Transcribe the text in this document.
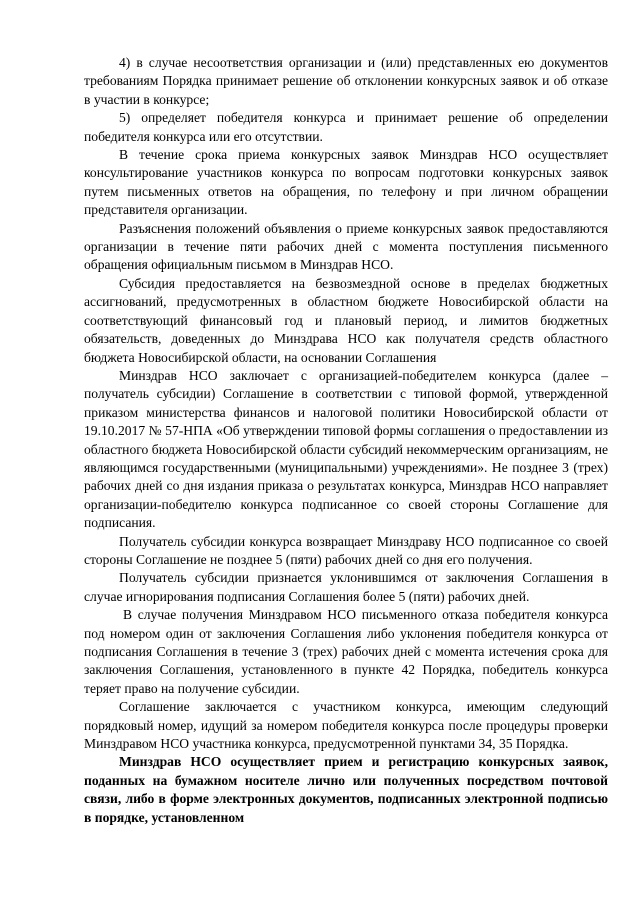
4) в случае несоответствия организации и (или) представленных ею документов требованиям Порядка принимает решение об отклонении конкурсных заявок и об отказе в участии в конкурсе;

5) определяет победителя конкурса и принимает решение об определении победителя конкурса или его отсутствии.

В течение срока приема конкурсных заявок Минздрав НСО осуществляет консультирование участников конкурса по вопросам подготовки конкурсных заявок путем письменных ответов на обращения, по телефону и при личном обращении представителя организации.

Разъяснения положений объявления о приеме конкурсных заявок предоставляются организации в течение пяти рабочих дней с момента поступления письменного обращения официальным письмом в Минздрав НСО.

Субсидия предоставляется на безвозмездной основе в пределах бюджетных ассигнований, предусмотренных в областном бюджете Новосибирской области на соответствующий финансовый год и плановый период, и лимитов бюджетных обязательств, доведенных до Минздрава НСО как получателя средств областного бюджета Новосибирской области, на основании Соглашения

Минздрав НСО заключает с организацией-победителем конкурса (далее – получатель субсидии) Соглашение в соответствии с типовой формой, утвержденной приказом министерства финансов и налоговой политики Новосибирской области от 19.10.2017 № 57-НПА «Об утверждении типовой формы соглашения о предоставлении из областного бюджета Новосибирской области субсидий некоммерческим организациям, не являющимся государственными (муниципальными) учреждениями». Не позднее 3 (трех) рабочих дней со дня издания приказа о результатах конкурса, Минздрав НСО направляет организации-победителю конкурса подписанное со своей стороны Соглашение для подписания.

Получатель субсидии конкурса возвращает Минздраву НСО подписанное со своей стороны Соглашение не позднее 5 (пяти) рабочих дней со дня его получения.

Получатель субсидии признается уклонившимся от заключения Соглашения в случае игнорирования подписания Соглашения более 5 (пяти) рабочих дней.

В случае получения Минздравом НСО письменного отказа победителя конкурса под номером один от заключения Соглашения либо уклонения победителя конкурса от подписания Соглашения в течение 3 (трех) рабочих дней с момента истечения срока для заключения Соглашения, установленного в пункте 42 Порядка, победитель конкурса теряет право на получение субсидии.

Соглашение заключается с участником конкурса, имеющим следующий порядковый номер, идущий за номером победителя конкурса после процедуры проверки Минздравом НСО участника конкурса, предусмотренной пунктами 34, 35 Порядка.

Минздрав НСО осуществляет прием и регистрацию конкурсных заявок, поданных на бумажном носителе лично или полученных посредством почтовой связи, либо в форме электронных документов, подписанных электронной подписью в порядке, установленном
